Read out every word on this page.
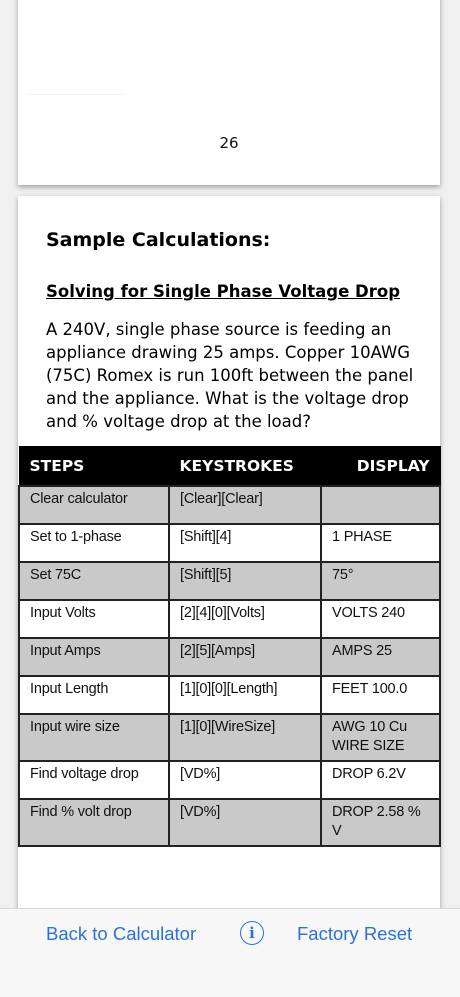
26
Sample Calculations:
Solving for Single Phase Voltage Drop
A 240V, single phase source is feeding an appliance drawing 25 amps. Copper 10AWG (75C) Romex is run 100ft between the panel and the appliance. What is the voltage drop and % voltage drop at the load?
STEPS	KEYSTROKES	DISPLAY
Clear calculator	[Clear][Clear]	
Set to 1-phase	[Shift][4]	1 PHASE
Set 75C	[Shift][5]	75°
Input Volts	[2][4][0][Volts]	VOLTS 240
Input Amps	[2][5][Amps]	AMPS 25
Input Length	[1][0][0][Length]	FEET 100.0
Input wire size	[1][0][WireSize]	AWG 10 Cu WIRE SIZE
Find voltage drop	[VD%]	DROP 6.2V
Find % volt drop	[VD%]	DROP 2.58 % V
Back to Calculator	i	Factory Reset
